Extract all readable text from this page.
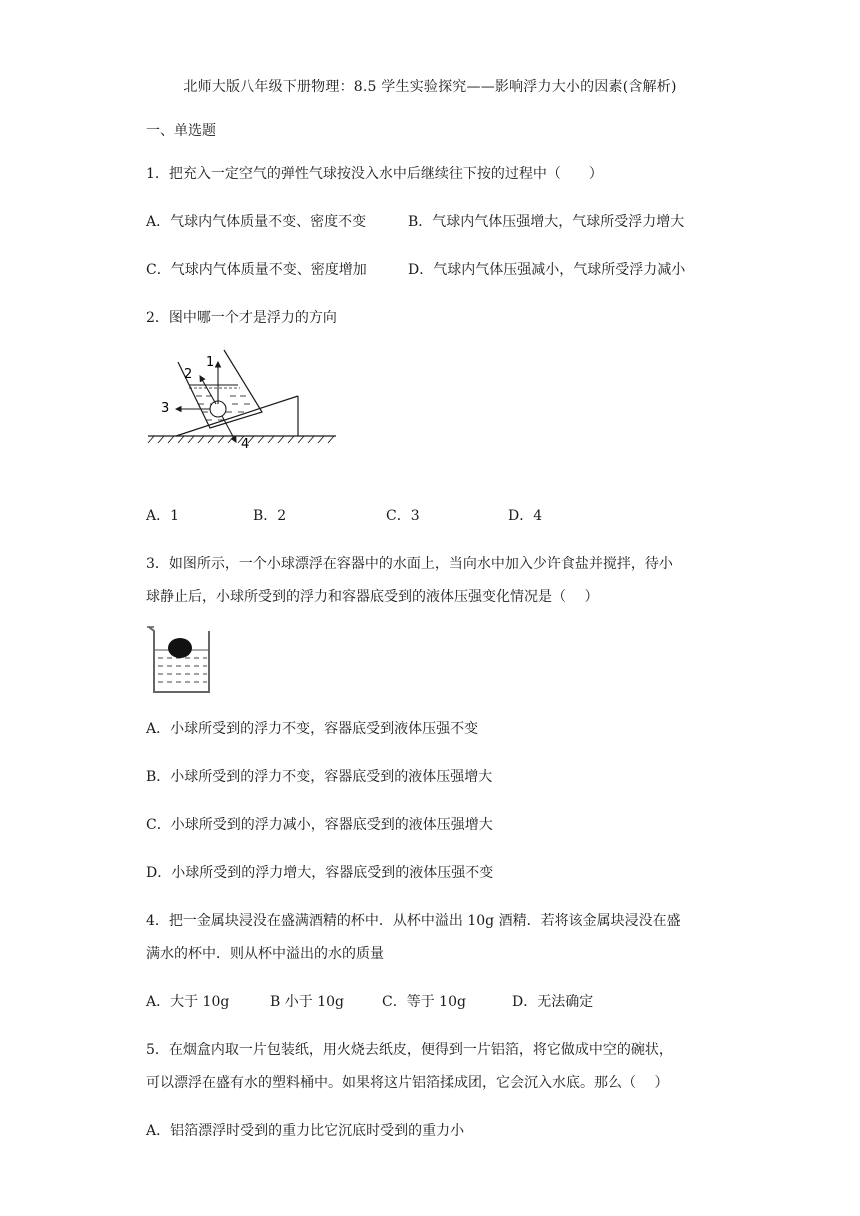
北师大版八年级下册物理：8.5 学生实验探究——影响浮力大小的因素(含解析)
一、单选题
1．把充入一定空气的弹性气球按没入水中后继续往下按的过程中（　　）
A．气球内气体质量不变、密度不变	B．气球内气体压强增大，气球所受浮力增大
C．气球内气体质量不变、密度增加	D．气球内气体压强减小，气球所受浮力减小
2．图中哪一个才是浮力的方向
1
2
3
4
A．1	B．2	C．3	D．4
3．如图所示，一个小球漂浮在容器中的水面上，当向水中加入少许食盐并搅拌，待小
球静止后，小球所受到的浮力和容器底受到的液体压强变化情况是（　 ）
A．小球所受到的浮力不变，容器底受到液体压强不变
B．小球所受到的浮力不变，容器底受到的液体压强增大
C．小球所受到的浮力减小，容器底受到的液体压强增大
D．小球所受到的浮力增大，容器底受到的液体压强不变
4．把一金属块浸没在盛满酒精的杯中．从杯中溢出 10g 酒精．若将该金属块浸没在盛
满水的杯中．则从杯中溢出的水的质量
A．大于 10g	B 小于 10g	C．等于 10g	D．无法确定
5．在烟盒内取一片包装纸，用火烧去纸皮，便得到一片铝箔，将它做成中空的碗状，
可以漂浮在盛有水的塑料桶中。如果将这片铝箔揉成团，它会沉入水底。那么（　 ）
A．铝箔漂浮时受到的重力比它沉底时受到的重力小
